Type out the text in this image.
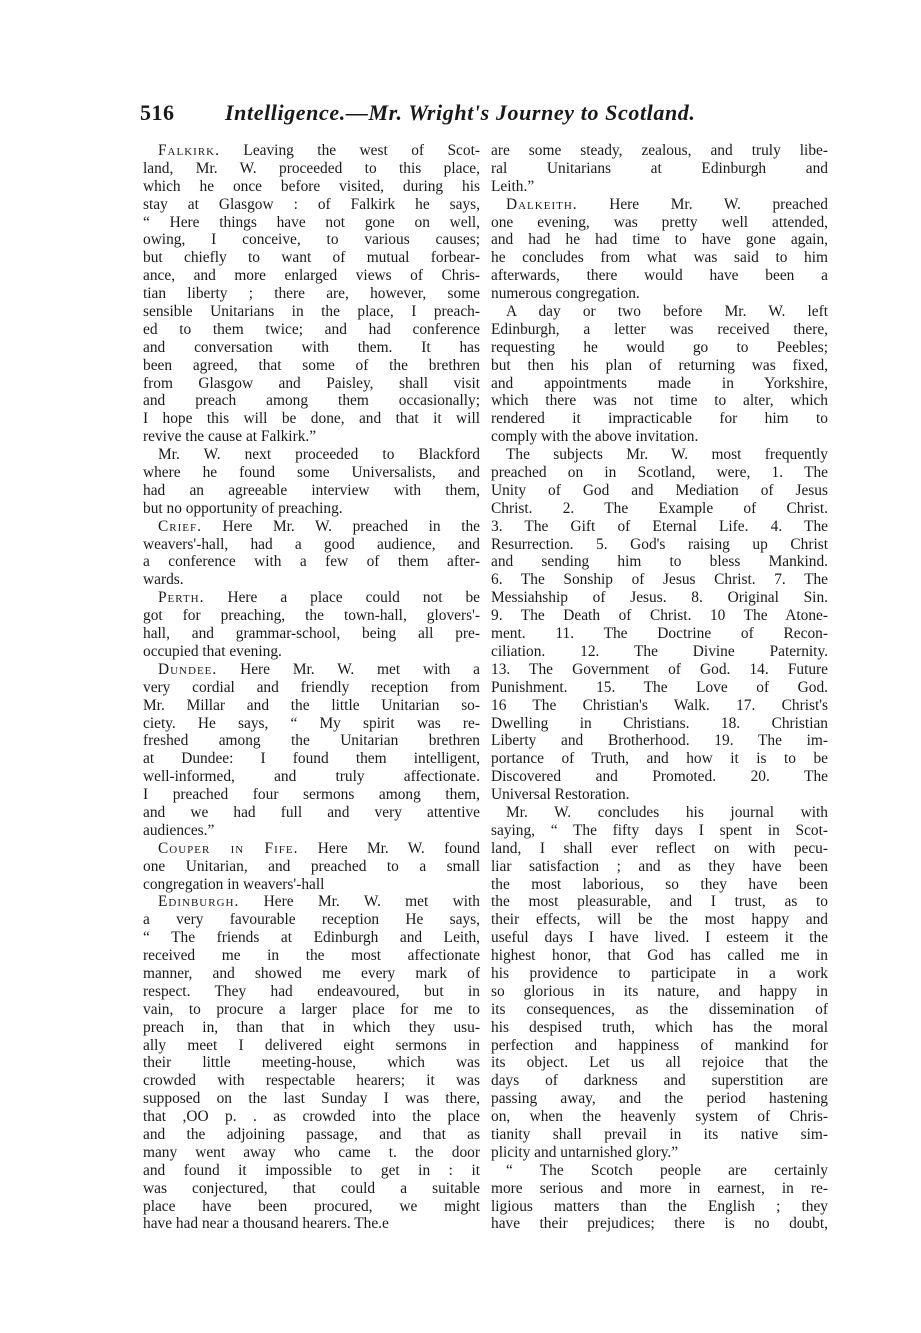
516 Intelligence.—Mr. Wright's Journey to Scotland.
Falkirk. Leaving the west of Scot-
land, Mr. W. proceeded to this place,
which he once before visited, during his
stay at Glasgow : of Falkirk he says,
“ Here things have not gone on well,
owing, I conceive, to various causes;
but chiefly to want of mutual forbear-
ance, and more enlarged views of Chris-
tian liberty ; there are, however, some
sensible Unitarians in the place, I preach-
ed to them twice; and had conference
and conversation with them. It has
been agreed, that some of the brethren
from Glasgow and Paisley, shall visit
and preach among them occasionally;
I hope this will be done, and that it will
revive the cause at Falkirk.”
Mr. W. next proceeded to Blackford
where he found some Universalists, and
had an agreeable interview with them,
but no opportunity of preaching.
Crief. Here Mr. W. preached in the
weavers'-hall, had a good audience, and
a conference with a few of them after-
wards.
Perth. Here a place could not be
got for preaching, the town-hall, glovers'-
hall, and grammar-school, being all pre-
occupied that evening.
Dundee. Here Mr. W. met with a
very cordial and friendly reception from
Mr. Millar and the little Unitarian so-
ciety. He says, “ My spirit was re-
freshed among the Unitarian brethren
at Dundee: I found them intelligent,
well-informed, and truly affectionate.
I preached four sermons among them,
and we had full and very attentive
audiences.”
Couper in Fife. Here Mr. W. found
one Unitarian, and preached to a small
congregation in weavers'-hall
Edinburgh. Here Mr. W. met with
a very favourable reception He says,
“ The friends at Edinburgh and Leith,
received me in the most affectionate
manner, and showed me every mark of
respect. They had endeavoured, but in
vain, to procure a larger place for me to
preach in, than that in which they usu-
ally meet I delivered eight sermons in
their little meeting-house, which was
crowded with respectable hearers; it was
supposed on the last Sunday I was there,
that ,OO p. . as crowded into the place
and the adjoining passage, and that as
many went away who came t. the door
and found it impossible to get in : it
was conjectured, that could a suitable
place have been procured, we might
have had near a thousand hearers. The.e
are some steady, zealous, and truly libe-
ral Unitarians at Edinburgh and
Leith.”
Dalkeith. Here Mr. W. preached
one evening, was pretty well attended,
and had he had time to have gone again,
he concludes from what was said to him
afterwards, there would have been a
numerous congregation.
A day or two before Mr. W. left
Edinburgh, a letter was received there,
requesting he would go to Peebles;
but then his plan of returning was fixed,
and appointments made in Yorkshire,
which there was not time to alter, which
rendered it impracticable for him to
comply with the above invitation.
The subjects Mr. W. most frequently
preached on in Scotland, were, 1. The
Unity of God and Mediation of Jesus
Christ. 2. The Example of Christ.
3. The Gift of Eternal Life. 4. The
Resurrection. 5. God's raising up Christ
and sending him to bless Mankind.
6. The Sonship of Jesus Christ. 7. The
Messiahship of Jesus. 8. Original Sin.
9. The Death of Christ. 10 The Atone-
ment. 11. The Doctrine of Recon-
ciliation. 12. The Divine Paternity.
13. The Government of God. 14. Future
Punishment. 15. The Love of God.
16 The Christian's Walk. 17. Christ's
Dwelling in Christians. 18. Christian
Liberty and Brotherhood. 19. The im-
portance of Truth, and how it is to be
Discovered and Promoted. 20. The
Universal Restoration.
Mr. W. concludes his journal with
saying, “ The fifty days I spent in Scot-
land, I shall ever reflect on with pecu-
liar satisfaction ; and as they have been
the most laborious, so they have been
the most pleasurable, and I trust, as to
their effects, will be the most happy and
useful days I have lived. I esteem it the
highest honor, that God has called me in
his providence to participate in a work
so glorious in its nature, and happy in
its consequences, as the dissemination of
his despised truth, which has the moral
perfection and happiness of mankind for
its object. Let us all rejoice that the
days of darkness and superstition are
passing away, and the period hastening
on, when the heavenly system of Chris-
tianity shall prevail in its native sim-
plicity and untarnished glory.”
“ The Scotch people are certainly
more serious and more in earnest, in re-
ligious matters than the English ; they
have their prejudices; there is no doubt,
